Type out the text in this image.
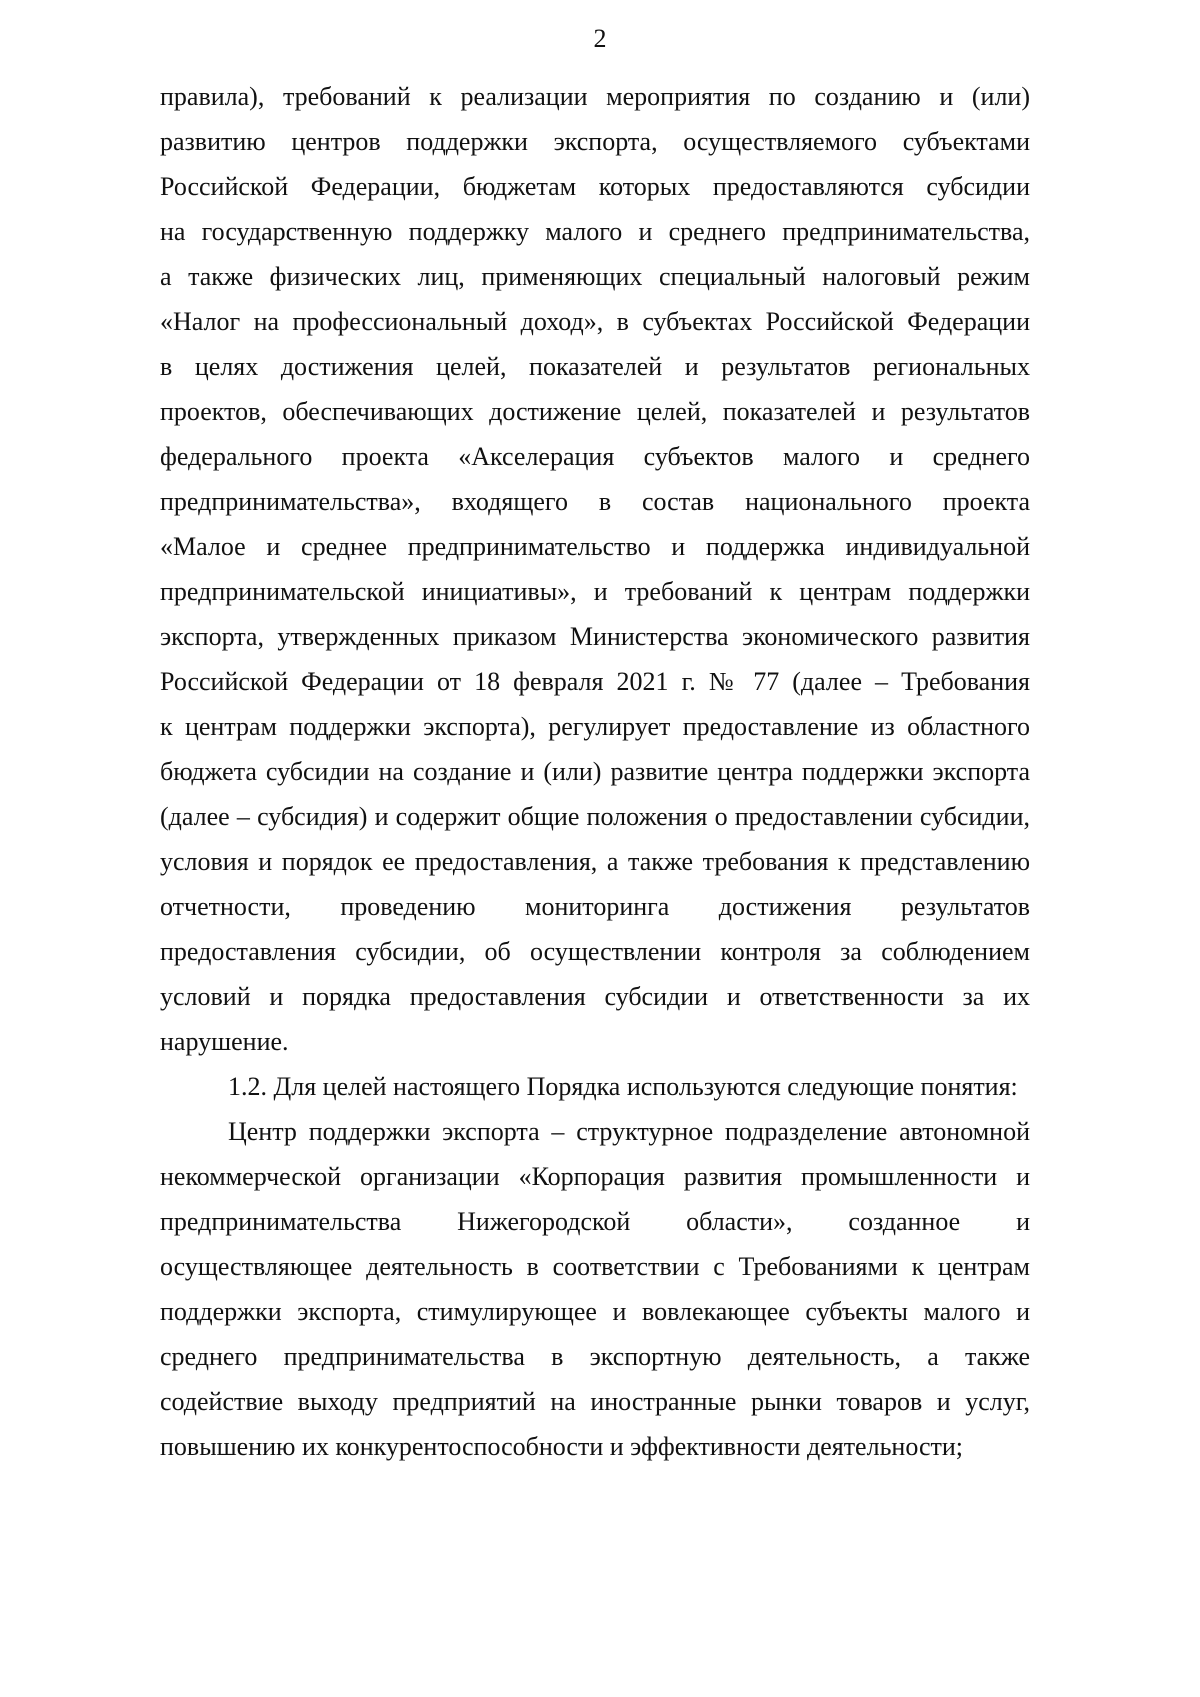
2
правила), требований к реализации мероприятия по созданию и (или)
развитию центров поддержки экспорта, осуществляемого субъектами
Российской Федерации, бюджетам которых предоставляются субсидии
на государственную поддержку малого и среднего предпринимательства,
а также физических лиц, применяющих специальный налоговый режим
«Налог на профессиональный доход», в субъектах Российской Федерации
в целях достижения целей, показателей и результатов региональных
проектов, обеспечивающих достижение целей, показателей и результатов
федерального проекта «Акселерация субъектов малого и среднего
предпринимательства», входящего в состав национального проекта
«Малое и среднее предпринимательство и поддержка индивидуальной
предпринимательской инициативы», и требований к центрам поддержки
экспорта, утвержденных приказом Министерства экономического развития
Российской Федерации от 18 февраля 2021 г. № 77 (далее – Требования
к центрам поддержки экспорта), регулирует предоставление из областного
бюджета субсидии на создание и (или) развитие центра поддержки экспорта
(далее – субсидия) и содержит общие положения о предоставлении субсидии,
условия и порядок ее предоставления, а также требования к представлению
отчетности, проведению мониторинга достижения результатов
предоставления субсидии, об осуществлении контроля за соблюдением
условий и порядка предоставления субсидии и ответственности за их
нарушение.
1.2. Для целей настоящего Порядка используются следующие понятия:
Центр поддержки экспорта – структурное подразделение автономной
некоммерческой организации «Корпорация развития промышленности и
предпринимательства Нижегородской области», созданное и
осуществляющее деятельность в соответствии с Требованиями к центрам
поддержки экспорта, стимулирующее и вовлекающее субъекты малого и
среднего предпринимательства в экспортную деятельность, а также
содействие выходу предприятий на иностранные рынки товаров и услуг,
повышению их конкурентоспособности и эффективности деятельности;
